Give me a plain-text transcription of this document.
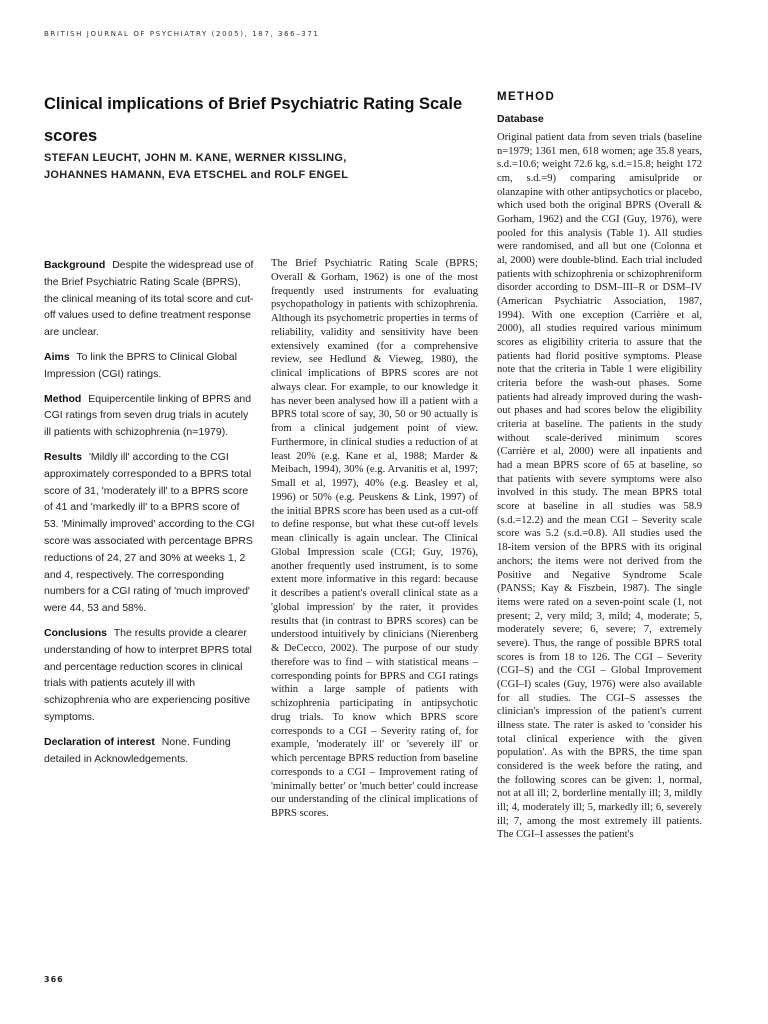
BRITISH JOURNAL OF PSYCHIATRY (2005), 187, 366–371
Clinical implications of Brief Psychiatric Rating Scale scores
STEFAN LEUCHT, JOHN M. KANE, WERNER KISSLING, JOHANNES HAMANN, EVA ETSCHEL and ROLF ENGEL

Background Despite the widespread use of the Brief Psychiatric Rating Scale (BPRS), the clinical meaning of its total score and cut-off values used to define treatment response are unclear.

Aims To link the BPRS to Clinical Global Impression (CGI) ratings.

Method Equipercentile linking of BPRS and CGI ratings from seven drug trials in acutely ill patients with schizophrenia (n=1979).

Results 'Mildly ill' according to the CGI approximately corresponded to a BPRS total score of 31, 'moderately ill' to a BPRS score of 41 and 'markedly ill' to a BPRS score of 53. 'Minimally improved' according to the CGI score was associated with percentage BPRS reductions of 24, 27 and 30% at weeks 1, 2 and 4, respectively. The corresponding numbers for a CGI rating of 'much improved' were 44, 53 and 58%.

Conclusions The results provide a clearer understanding of how to interpret BPRS total and percentage reduction scores in clinical trials with patients acutely ill with schizophrenia who are experiencing positive symptoms.

Declaration of interest None. Funding detailed in Acknowledgements.

The Brief Psychiatric Rating Scale (BPRS; Overall & Gorham, 1962) is one of the most frequently used instruments for evaluating psychopathology in patients with schizophrenia. Although its psychometric properties in terms of reliability, validity and sensitivity have been extensively examined (for a comprehensive review, see Hedlund & Vieweg, 1980), the clinical implications of BPRS scores are not always clear. For example, to our knowledge it has never been analysed how ill a patient with a BPRS total score of say, 30, 50 or 90 actually is from a clinical judgement point of view. Furthermore, in clinical studies a reduction of at least 20% (e.g. Kane et al, 1988; Marder & Meibach, 1994), 30% (e.g. Arvanitis et al, 1997; Small et al, 1997), 40% (e.g. Beasley et al, 1996) or 50% (e.g. Peuskens & Link, 1997) of the initial BPRS score has been used as a cut-off to define response, but what these cut-off levels mean clinically is again unclear. The Clinical Global Impression scale (CGI; Guy, 1976), another frequently used instrument, is to some extent more informative in this regard: because it describes a patient's overall clinical state as a 'global impression' by the rater, it provides results that (in contrast to BPRS scores) can be understood intuitively by clinicians (Nierenberg & DeCecco, 2002). The purpose of our study therefore was to find – with statistical means – corresponding points for BPRS and CGI ratings within a large sample of patients with schizophrenia participating in antipsychotic drug trials. To know which BPRS score corresponds to a CGI – Severity rating of, for example, 'moderately ill' or 'severely ill' or which percentage BPRS reduction from baseline corresponds to a CGI – Improvement rating of 'minimally better' or 'much better' could increase our understanding of the clinical implications of BPRS scores.

METHOD
Database

Original patient data from seven trials (baseline n=1979; 1361 men, 618 women; age 35.8 years, s.d.=10.6; weight 72.6 kg, s.d.=15.8; height 172 cm, s.d.=9) comparing amisulpride or olanzapine with other antipsychotics or placebo, which used both the original BPRS (Overall & Gorham, 1962) and the CGI (Guy, 1976), were pooled for this analysis (Table 1). All studies were randomised, and all but one (Colonna et al, 2000) were double-blind. Each trial included patients with schizophrenia or schizophreniform disorder according to DSM–III–R or DSM–IV (American Psychiatric Association, 1987, 1994). With one exception (Carrière et al, 2000), all studies required various minimum scores as eligibility criteria to assure that the patients had florid positive symptoms. Please note that the criteria in Table 1 were eligibility criteria before the wash-out phases. Some patients had already improved during the wash-out phases and had scores below the eligibility criteria at baseline. The patients in the study without scale-derived minimum scores (Carrière et al, 2000) were all inpatients and had a mean BPRS score of 65 at baseline, so that patients with severe symptoms were also involved in this study. The mean BPRS total score at baseline in all studies was 58.9 (s.d.=12.2) and the mean CGI – Severity scale score was 5.2 (s.d.=0.8). All studies used the 18-item version of the BPRS with its original anchors; the items were not derived from the Positive and Negative Syndrome Scale (PANSS; Kay & Fiszbein, 1987). The single items were rated on a seven-point scale (1, not present; 2, very mild; 3, mild; 4, moderate; 5, moderately severe; 6, severe; 7, extremely severe). Thus, the range of possible BPRS total scores is from 18 to 126. The CGI – Severity (CGI–S) and the CGI – Global Improvement (CGI–I) scales (Guy, 1976) were also available for all studies. The CGI–S assesses the clinician's impression of the patient's current illness state. The rater is asked to 'consider his total clinical experience with the given population'. As with the BPRS, the time span considered is the week before the rating, and the following scores can be given: 1, normal, not at all ill; 2, borderline mentally ill; 3, mildly ill; 4, moderately ill; 5, markedly ill; 6, severely ill; 7, among the most extremely ill patients. The CGI–I assesses the patient's

366
